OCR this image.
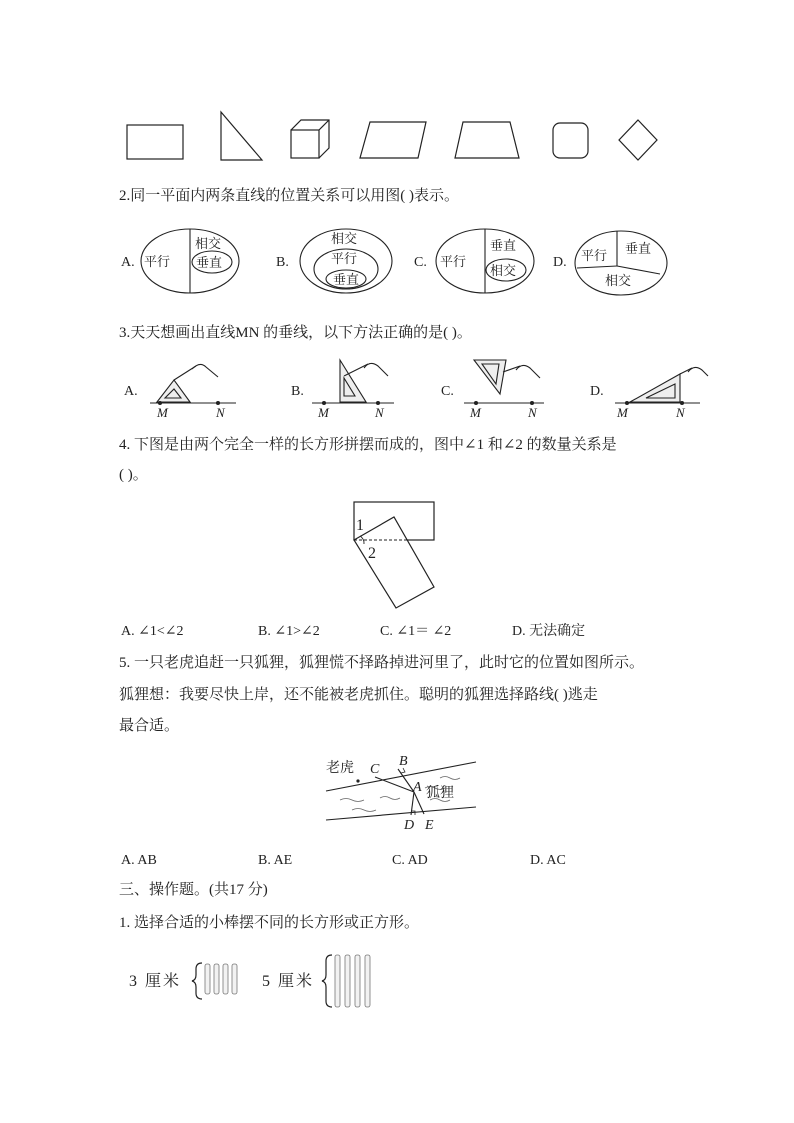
2.同一平面内两条直线的位置关系可以用图( )表示。
A.	B.	C.	D.
平行
相交
垂直
相交
平行
垂直
平行
垂直
相交
平行 垂直
相交
3.天天想画出直线MN 的垂线，以下方法正确的是( )。
A.	B.	C.	D.
M	N	M	N	M	N	M	N
4. 下图是由两个完全一样的长方形拼摆而成的，图中∠1 和∠2 的数量关系是
( )。
1
2
A. ∠1<∠2	B. ∠1>∠2	C. ∠1＝ ∠2	D. 无法确定
5. 一只老虎追赶一只狐狸，狐狸慌不择路掉进河里了，此时它的位置如图所示。
狐狸想：我要尽快上岸，还不能被老虎抓住。聪明的狐狸选择路线( )逃走
最合适。
老虎
狐狸
C
B
A
D E
A. AB	B. AE	C. AD	D. AC
三、操作题。(共17 分)
1. 选择合适的小棒摆不同的长方形或正方形。
3 厘米	5 厘米
